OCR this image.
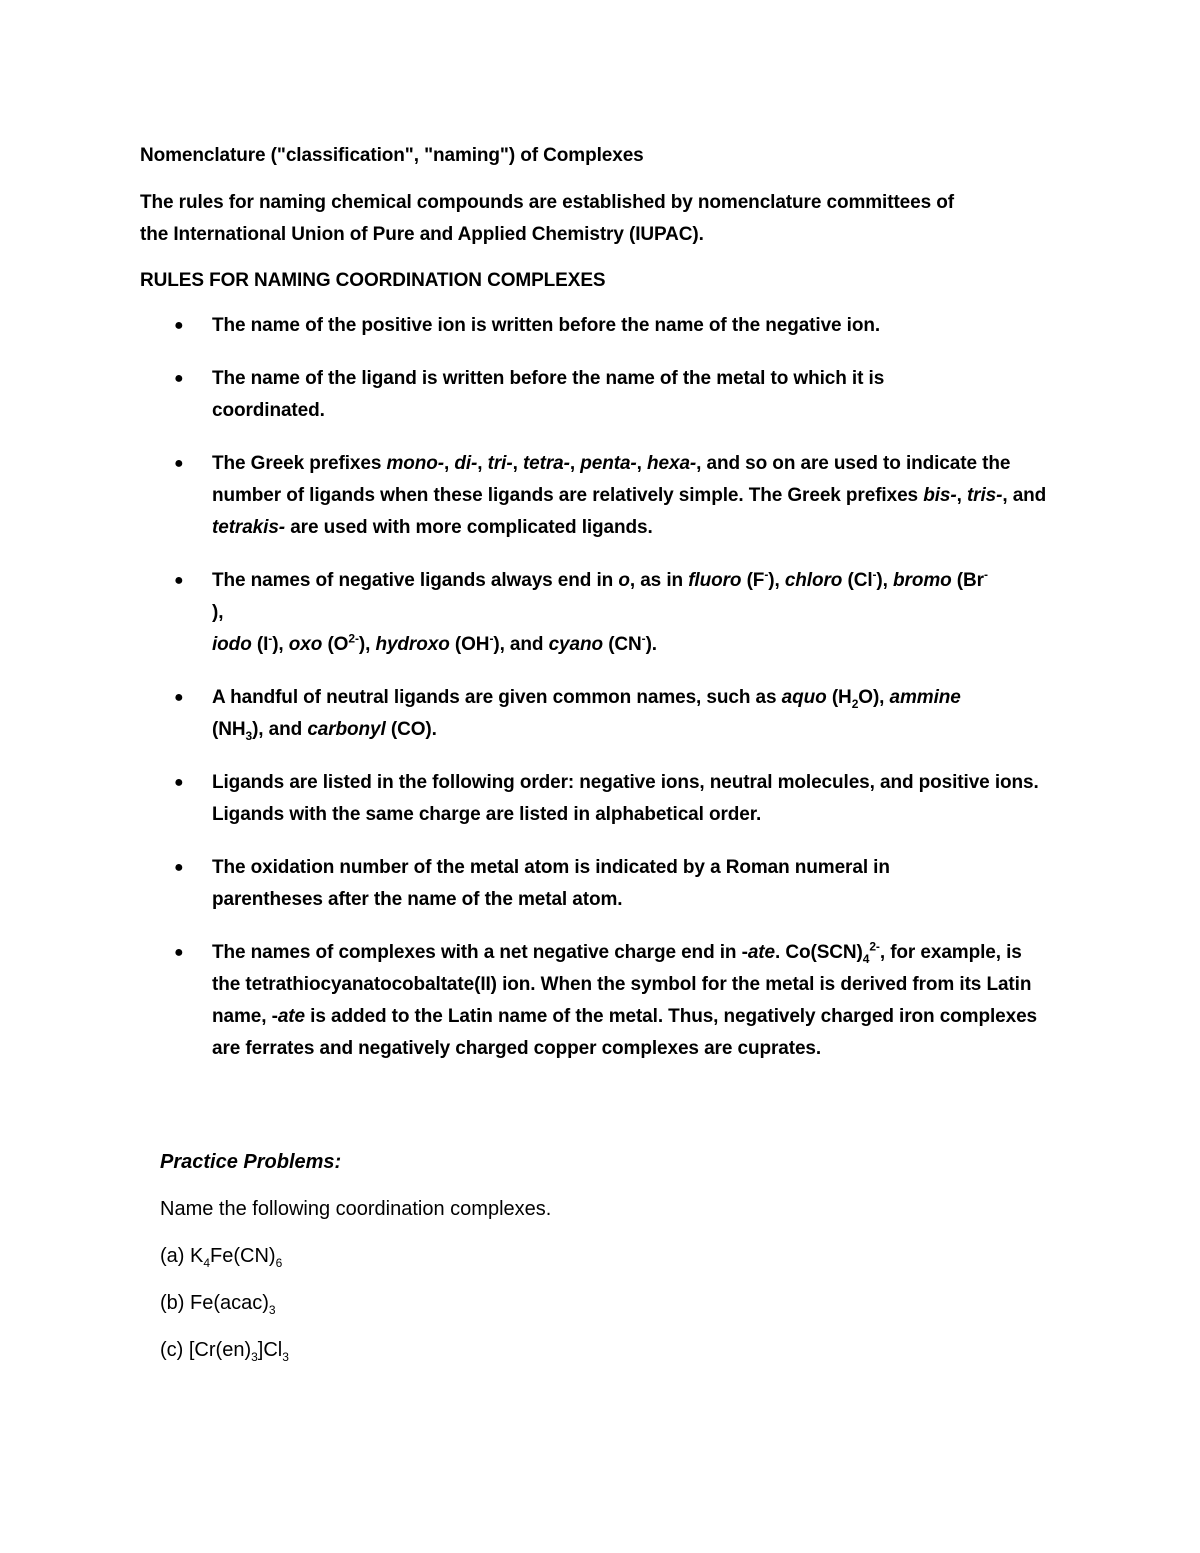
Nomenclature ("classification", "naming") of Complexes
The rules for naming chemical compounds are established by nomenclature committees of
the International Union of Pure and Applied Chemistry (IUPAC).
RULES FOR NAMING COORDINATION COMPLEXES
● The name of the positive ion is written before the name of the negative ion.
● The name of the ligand is written before the name of the metal to which it is coordinated.
● The Greek prefixes mono-, di-, tri-, tetra-, penta-, hexa-, and so on are used to indicate the number of ligands when these ligands are relatively simple. The Greek prefixes bis-, tris-, and tetrakis- are used with more complicated ligands.
● The names of negative ligands always end in o, as in fluoro (F-), chloro (Cl-), bromo (Br-
),
iodo (I-), oxo $(O^{2-})$, hydroxo (OH-), and cyano (CN-).
● A handful of neutral ligands are given common names, such as aquo $(H_2O)$, ammine
$(NH_3)$, and carbonyl (CO).
● Ligands are listed in the following order: negative ions, neutral molecules, and positive ions. Ligands with the same charge are listed in alphabetical order.
● The oxidation number of the metal atom is indicated by a Roman numeral in parentheses after the name of the metal atom.
● The names of complexes with a net negative charge end in -ate. $Co(SCN)_4^{2-}$, for example, is the tetrathiocyanatocobaltate(II) ion. When the symbol for the metal is derived from its Latin name, -ate is added to the Latin name of the metal. Thus, negatively charged iron complexes are ferrates and negatively charged copper complexes are cuprates.
Practice Problems:
Name the following coordination complexes.
(a) $K_4Fe(CN)_6$
(b) $Fe(acac)_3$
(c) $[Cr(en)_3]Cl_3$
